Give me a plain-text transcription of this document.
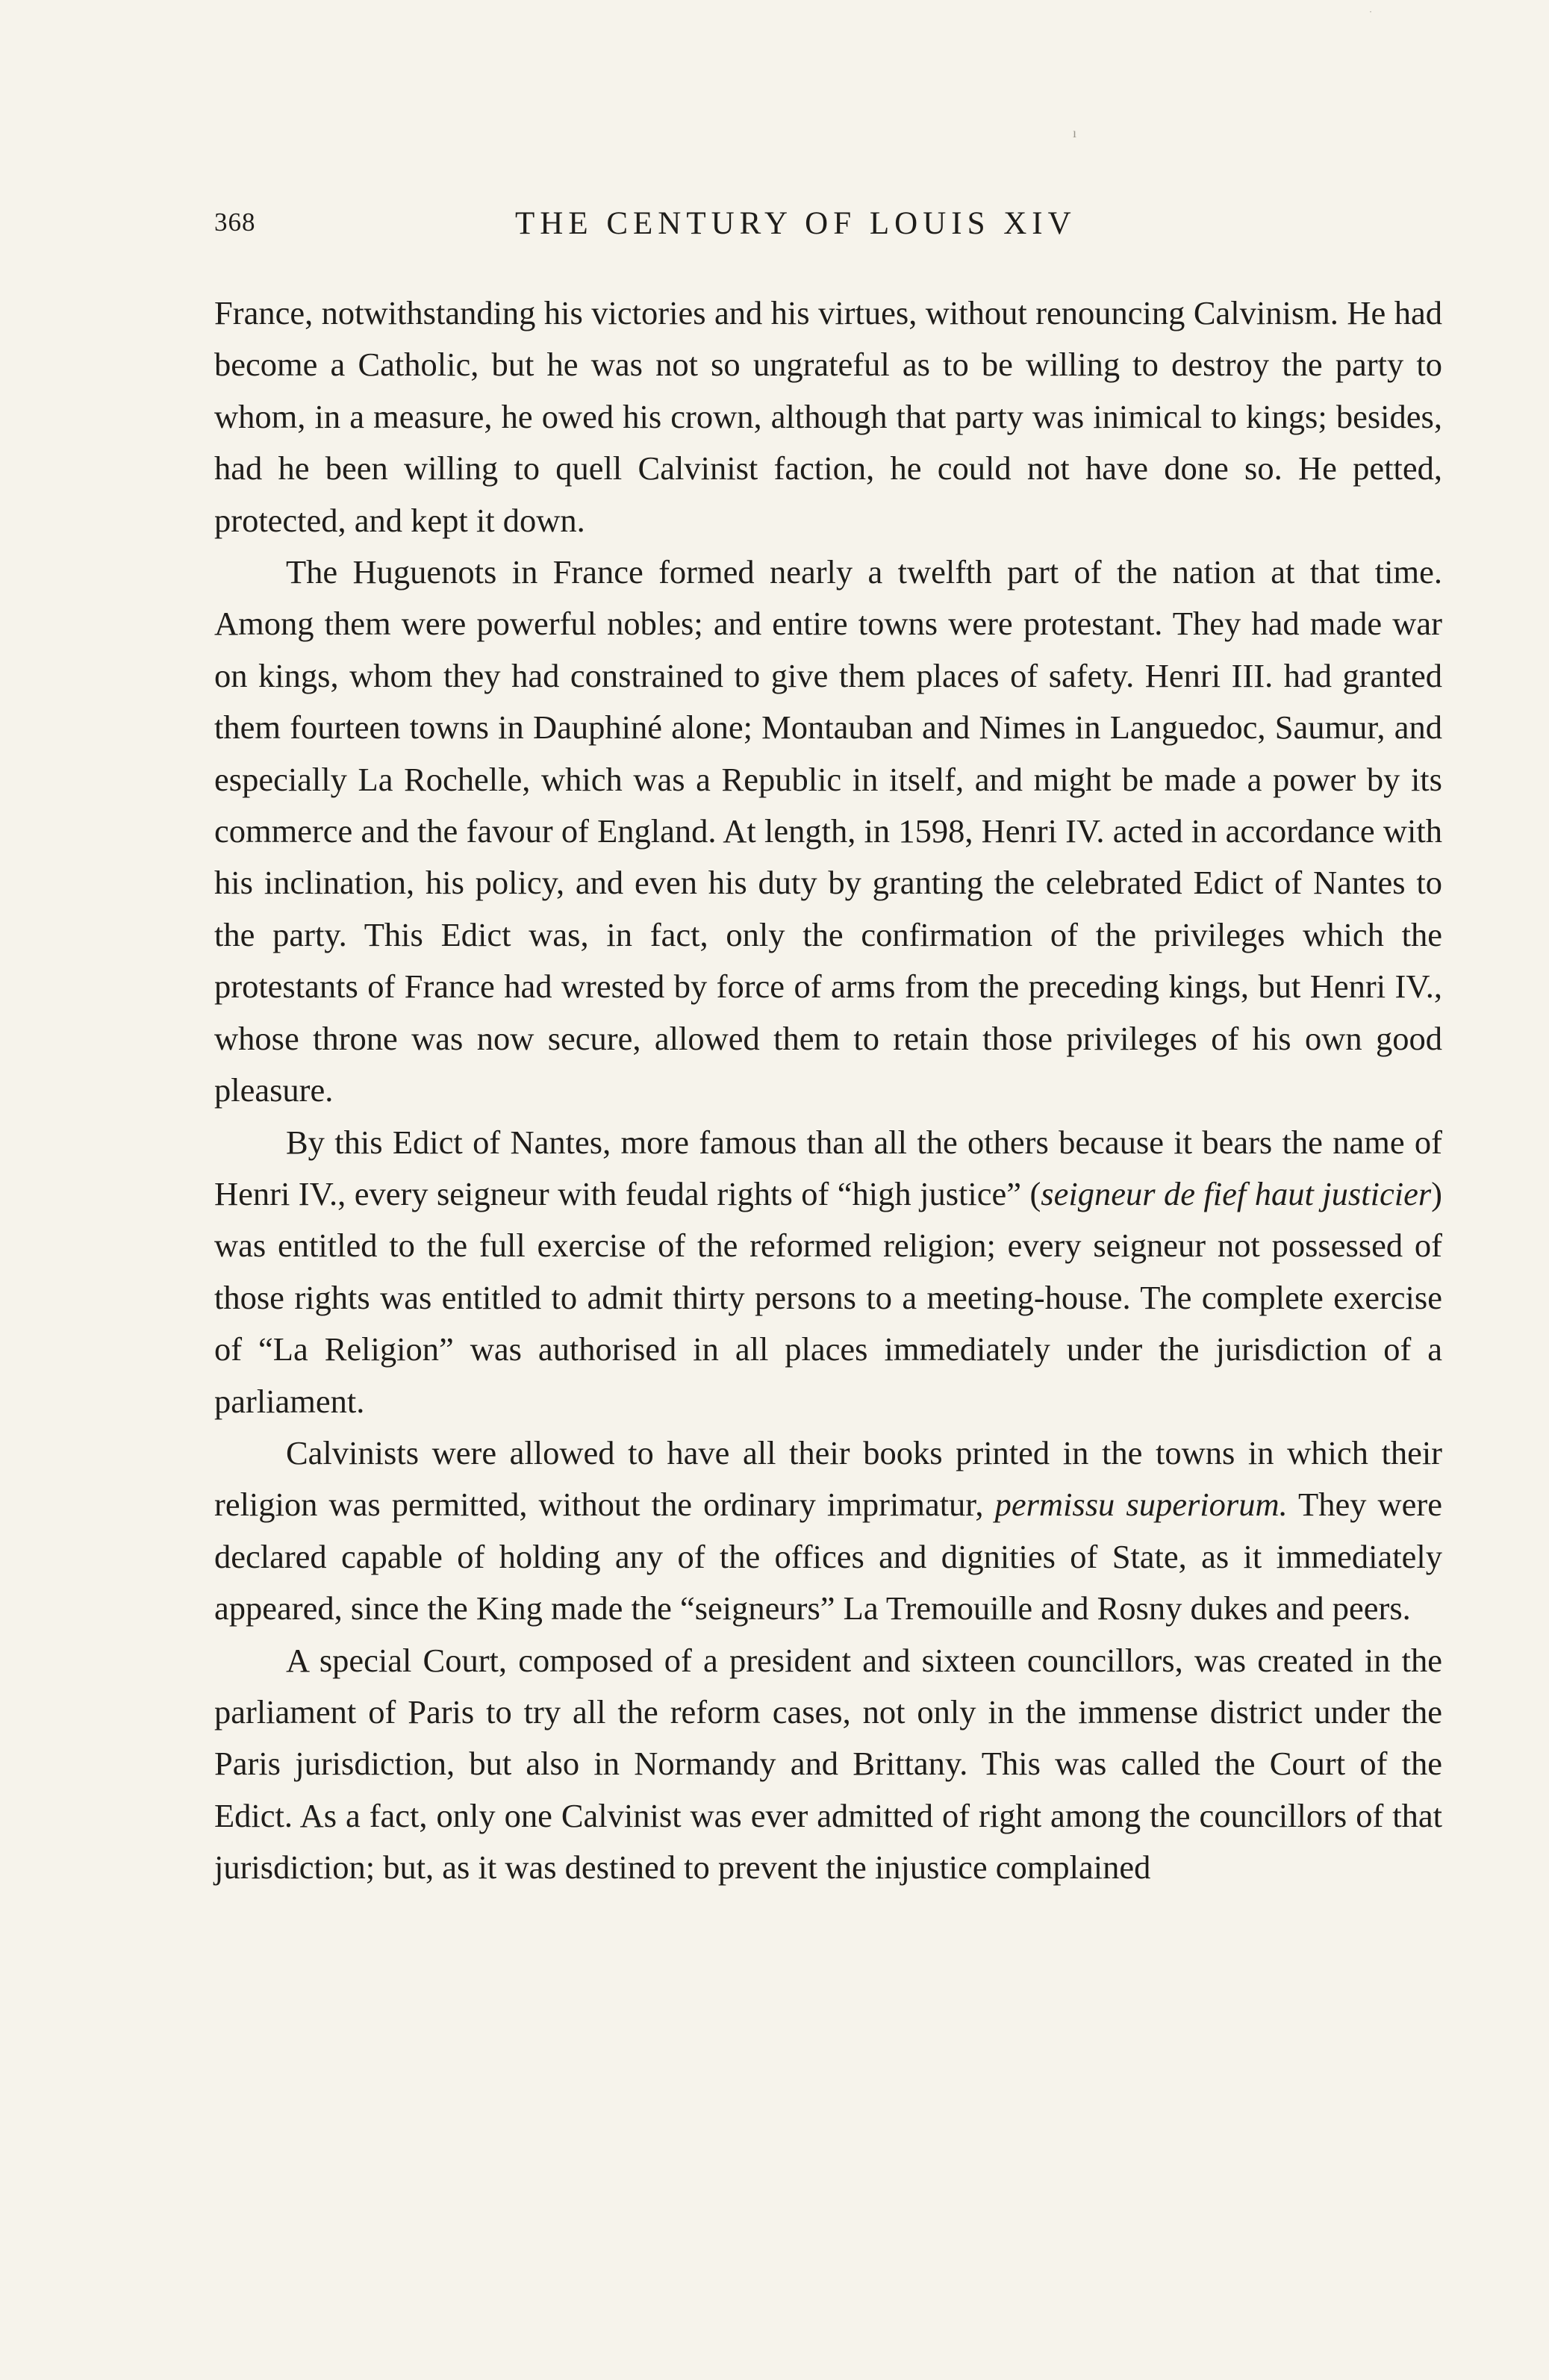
ı
368	THE CENTURY OF LOUIS XIV

France, notwithstanding his victories and his virtues, without renouncing Calvinism. He had become a Catholic, but he was not so ungrateful as to be willing to destroy the party to whom, in a measure, he owed his crown, although that party was inimical to kings; besides, had he been willing to quell Calvinist faction, he could not have done so. He petted, protected, and kept it down.

The Huguenots in France formed nearly a twelfth part of the nation at that time. Among them were powerful nobles; and entire towns were protestant. They had made war on kings, whom they had constrained to give them places of safety. Henri III. had granted them fourteen towns in Dauphiné alone; Montauban and Nimes in Languedoc, Saumur, and especially La Rochelle, which was a Republic in itself, and might be made a power by its commerce and the favour of England. At length, in 1598, Henri IV. acted in accordance with his inclination, his policy, and even his duty by granting the celebrated Edict of Nantes to the party. This Edict was, in fact, only the confirmation of the privileges which the protestants of France had wrested by force of arms from the preceding kings, but Henri IV., whose throne was now secure, allowed them to retain those privileges of his own good pleasure.

By this Edict of Nantes, more famous than all the others because it bears the name of Henri IV., every seigneur with feudal rights of “high justice” (seigneur de fief haut justicier) was entitled to the full exercise of the reformed religion; every seigneur not possessed of those rights was entitled to admit thirty persons to a meeting-house. The complete exercise of “La Religion” was authorised in all places immediately under the jurisdiction of a parliament.

Calvinists were allowed to have all their books printed in the towns in which their religion was permitted, without the ordinary imprimatur, permissu superiorum. They were declared capable of holding any of the offices and dignities of State, as it immediately appeared, since the King made the “seigneurs” La Tremouille and Rosny dukes and peers.

A special Court, composed of a president and sixteen councillors, was created in the parliament of Paris to try all the reform cases, not only in the immense district under the Paris jurisdiction, but also in Normandy and Brittany. This was called the Court of the Edict. As a fact, only one Calvinist was ever admitted of right among the councillors of that jurisdiction; but, as it was destined to prevent the injustice complained
